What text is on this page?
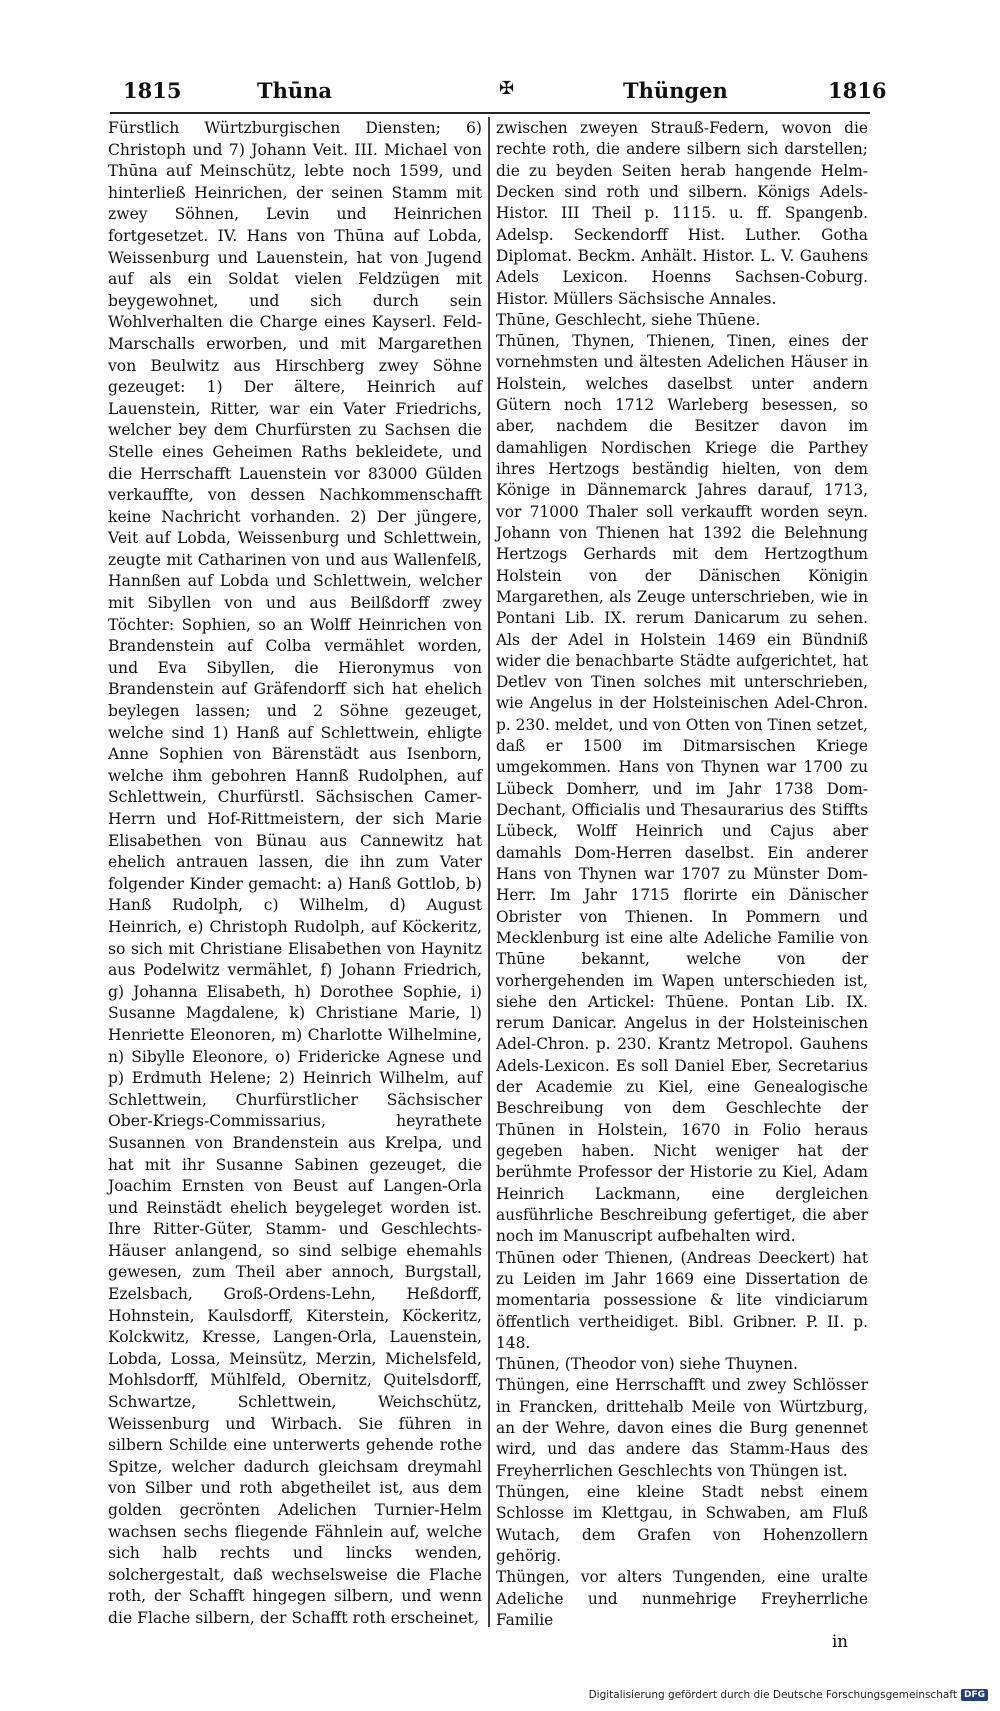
1815	Thūna	✠	Thüngen	1816

Fürstlich Würtzburgischen Diensten; 6) Christoph und 7) Johann Veit. III. Michael von Thūna auf Meinschütz, lebte noch 1599, und hinterließ Heinrichen, der seinen Stamm mit zwey Söhnen, Levin und Heinrichen fortgesetzet. IV. Hans von Thūna auf Lobda, Weissenburg und Lauenstein, hat von Jugend auf als ein Soldat vielen Feldzügen mit beygewohnet, und sich durch sein Wohlverhalten die Charge eines Kayserl. Feld-Marschalls erworben, und mit Margarethen von Beulwitz aus Hirschberg zwey Söhne gezeuget: 1) Der ältere, Heinrich auf Lauenstein, Ritter, war ein Vater Friedrichs, welcher bey dem Churfürsten zu Sachsen die Stelle eines Geheimen Raths bekleidete, und die Herrschafft Lauenstein vor 83000 Gülden verkauffte, von dessen Nachkommenschafft keine Nachricht vorhanden. 2) Der jüngere, Veit auf Lobda, Weissenburg und Schlettwein, zeugte mit Catharinen von und aus Wallenfelß, Hannßen auf Lobda und Schlettwein, welcher mit Sibyllen von und aus Beilßdorff zwey Töchter: Sophien, so an Wolff Heinrichen von Brandenstein auf Colba vermählet worden, und Eva Sibyllen, die Hieronymus von Brandenstein auf Gräfendorff sich hat ehelich beylegen lassen; und 2 Söhne gezeuget, welche sind 1) Hanß auf Schlettwein, ehligte Anne Sophien von Bärenstädt aus Isenborn, welche ihm gebohren Hannß Rudolphen, auf Schlettwein, Churfürstl. Sächsischen Camer-Herrn und Hof-Rittmeistern, der sich Marie Elisabethen von Bünau aus Cannewitz hat ehelich antrauen lassen, die ihn zum Vater folgender Kinder gemacht: a) Hanß Gottlob, b) Hanß Rudolph, c) Wilhelm, d) August Heinrich, e) Christoph Rudolph, auf Köckeritz, so sich mit Christiane Elisabethen von Haynitz aus Podelwitz vermählet, f) Johann Friedrich, g) Johanna Elisabeth, h) Dorothee Sophie, i) Susanne Magdalene, k) Christiane Marie, l) Henriette Eleonoren, m) Charlotte Wilhelmine, n) Sibylle Eleonore, o) Fridericke Agnese und p) Erdmuth Helene; 2) Heinrich Wilhelm, auf Schlettwein, Churfürstlicher Sächsischer Ober-Kriegs-Commissarius, heyrathete Susannen von Brandenstein aus Krelpa, und hat mit ihr Susanne Sabinen gezeuget, die Joachim Ernsten von Beust auf Langen-Orla und Reinstädt ehelich beygeleget worden ist. Ihre Ritter-Güter, Stamm- und Geschlechts-Häuser anlangend, so sind selbige ehemahls gewesen, zum Theil aber annoch, Burgstall, Ezelsbach, Groß-Ordens-Lehn, Heßdorff, Hohnstein, Kaulsdorff, Kiterstein, Köckeritz, Kolckwitz, Kresse, Langen-Orla, Lauenstein, Lobda, Lossa, Meinsütz, Merzin, Michelsfeld, Mohlsdorff, Mühlfeld, Obernitz, Quitelsdorff, Schwartze, Schlettwein, Weichschütz, Weissenburg und Wirbach. Sie führen in silbern Schilde eine unterwerts gehende rothe Spitze, welcher dadurch gleichsam dreymahl von Silber und roth abgetheilet ist, aus dem golden gecrönten Adelichen Turnier-Helm wachsen sechs fliegende Fähnlein auf, welche sich halb rechts und lincks wenden, solchergestalt, daß wechselsweise die Flache roth, der Schafft hingegen silbern, und wenn die Flache silbern, der Schafft roth erscheinet,

zwischen zweyen Strauß-Federn, wovon die rechte roth, die andere silbern sich darstellen; die zu beyden Seiten herab hangende Helm-Decken sind roth und silbern. Königs Adels-Histor. III Theil p. 1115. u. ff. Spangenb. Adelsp. Seckendorff Hist. Luther. Gotha Diplomat. Beckm. Anhält. Histor. L. V. Gauhens Adels Lexicon. Hoenns Sachsen-Coburg. Histor. Müllers Sächsische Annales.

Thūne, Geschlecht, siehe Thūene.

Thūnen, Thynen, Thienen, Tinen, eines der vornehmsten und ältesten Adelichen Häuser in Holstein, welches daselbst unter andern Gütern noch 1712 Warleberg besessen, so aber, nachdem die Besitzer davon im damahligen Nordischen Kriege die Parthey ihres Hertzogs beständig hielten, von dem Könige in Dännemarck Jahres darauf, 1713, vor 71000 Thaler soll verkaufft worden seyn. Johann von Thienen hat 1392 die Belehnung Hertzogs Gerhards mit dem Hertzogthum Holstein von der Dänischen Königin Margarethen, als Zeuge unterschrieben, wie in Pontani Lib. IX. rerum Danicarum zu sehen. Als der Adel in Holstein 1469 ein Bündniß wider die benachbarte Städte aufgerichtet, hat Detlev von Tinen solches mit unterschrieben, wie Angelus in der Holsteinischen Adel-Chron. p. 230. meldet, und von Otten von Tinen setzet, daß er 1500 im Ditmarsischen Kriege umgekommen. Hans von Thynen war 1700 zu Lübeck Domherr, und im Jahr 1738 Dom-Dechant, Officialis und Thesaurarius des Stiffts Lübeck, Wolff Heinrich und Cajus aber damahls Dom-Herren daselbst. Ein anderer Hans von Thynen war 1707 zu Münster Dom-Herr. Im Jahr 1715 florirte ein Dänischer Obrister von Thienen. In Pommern und Mecklenburg ist eine alte Adeliche Familie von Thūne bekannt, welche von der vorhergehenden im Wapen unterschieden ist, siehe den Artickel: Thūene. Pontan Lib. IX. rerum Danicar. Angelus in der Holsteinischen Adel-Chron. p. 230. Krantz Metropol. Gauhens Adels-Lexicon. Es soll Daniel Eber, Secretarius der Academie zu Kiel, eine Genealogische Beschreibung von dem Geschlechte der Thūnen in Holstein, 1670 in Folio heraus gegeben haben. Nicht weniger hat der berühmte Professor der Historie zu Kiel, Adam Heinrich Lackmann, eine dergleichen ausführliche Beschreibung gefertiget, die aber noch im Manuscript aufbehalten wird.

Thūnen oder Thienen, (Andreas Deeckert) hat zu Leiden im Jahr 1669 eine Dissertation de momentaria possessione & lite vindiciarum öffentlich vertheidiget. Bibl. Gribner. P. II. p. 148.

Thūnen, (Theodor von) siehe Thuynen.

Thüngen, eine Herrschafft und zwey Schlösser in Francken, drittehalb Meile von Würtzburg, an der Wehre, davon eines die Burg genennet wird, und das andere das Stamm-Haus des Freyherrlichen Geschlechts von Thüngen ist.

Thüngen, eine kleine Stadt nebst einem Schlosse im Klettgau, in Schwaben, am Fluß Wutach, dem Grafen von Hohenzollern gehörig.

Thüngen, vor alters Tungenden, eine uralte Adeliche und nunmehrige Freyherrliche Familie

in
Digitalisierung gefördert durch die Deutsche Forschungsgemeinschaft DFG
